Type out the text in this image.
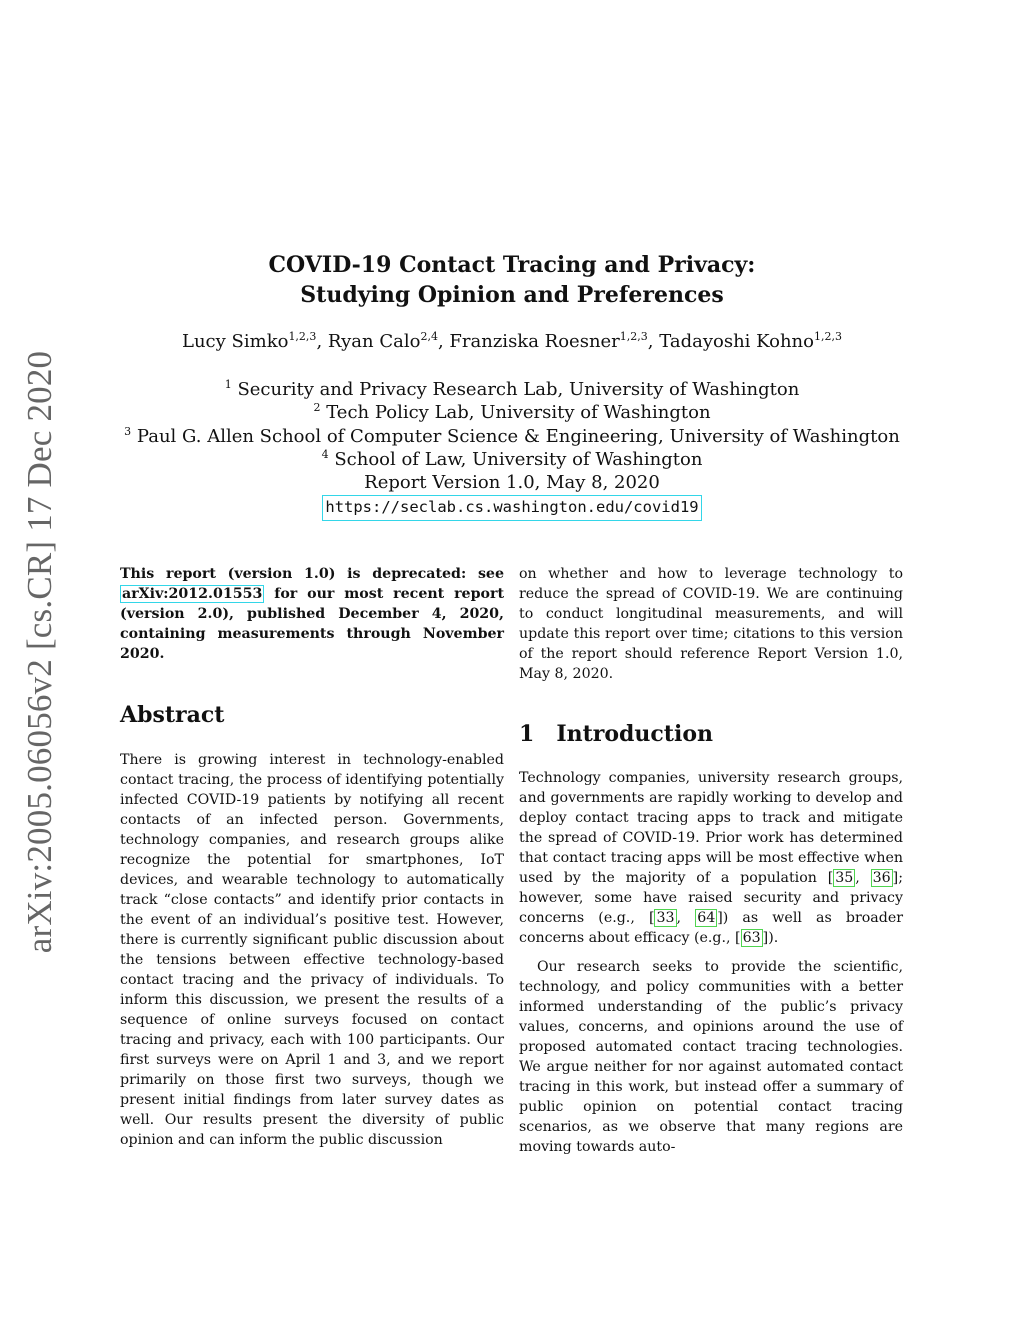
arXiv:2005.06056v2 [cs.CR] 17 Dec 2020
COVID-19 Contact Tracing and Privacy:
Studying Opinion and Preferences
Lucy Simko$^{1,2,3}$, Ryan Calo$^{2,4}$, Franziska Roesner$^{1,2,3}$, Tadayoshi Kohno$^{1,2,3}$
$^1$ Security and Privacy Research Lab, University of Washington
$^2$ Tech Policy Lab, University of Washington
$^3$ Paul G. Allen School of Computer Science & Engineering, University of Washington
$^4$ School of Law, University of Washington
Report Version 1.0, May 8, 2020
https://seclab.cs.washington.edu/covid19
This report (version 1.0) is deprecated: see arXiv:2012.01553 for our most recent report (version 2.0), published December 4, 2020, containing measurements through November 2020.
Abstract

There is growing interest in technology-enabled contact tracing, the process of identifying potentially infected COVID-19 patients by notifying all recent contacts of an infected person. Governments, technology companies, and research groups alike recognize the potential for smartphones, IoT devices, and wearable technology to automatically track “close contacts” and identify prior contacts in the event of an individual’s positive test. However, there is currently significant public discussion about the tensions between effective technology-based contact tracing and the privacy of individuals. To inform this discussion, we present the results of a sequence of online surveys focused on contact tracing and privacy, each with 100 participants. Our first surveys were on April 1 and 3, and we report primarily on those first two surveys, though we present initial findings from later survey dates as well. Our results present the diversity of public opinion and can inform the public discussion

on whether and how to leverage technology to reduce the spread of COVID-19. We are continuing to conduct longitudinal measurements, and will update this report over time; citations to this version of the report should reference Report Version 1.0, May 8, 2020.

1 Introduction

Technology companies, university research groups, and governments are rapidly working to develop and deploy contact tracing apps to track and mitigate the spread of COVID-19. Prior work has determined that contact tracing apps will be most effective when used by the majority of a population [ 35 , 36 ]; however, some have raised security and privacy concerns (e.g., [ 33 , 64 ]) as well as broader concerns about efficacy (e.g., [ 63 ]).

Our research seeks to provide the scientific, technology, and policy communities with a better informed understanding of the public’s privacy values, concerns, and opinions around the use of proposed automated contact tracing technologies. We argue neither for nor against automated contact tracing in this work, but instead offer a summary of public opinion on potential contact tracing scenarios, as we observe that many regions are moving towards auto-
